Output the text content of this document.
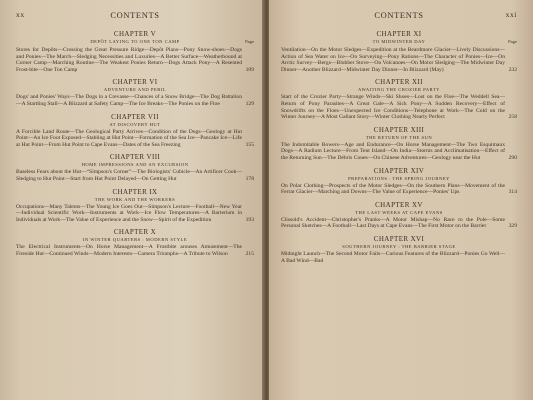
xx	CONTENTS
CHAPTER V
DEPÔT LAYING TO ONE TON CAMP	Page
Stores for Depôts—Crossing the Great Pressure Ridge—Depôt Plans—Pony Snow-shoes—Dogs and Ponies—The March—Sledging Necessities and Luxuries—A Better Surface—Weatherbound at Corner Camp—Marching Routine—The Weakest Ponies Return—Dogs Attack Pony—A Resented Frost-bite—One Ton Camp	109
CHAPTER VI
ADVENTURE AND PERIL
Dogs' and Ponies' Ways—The Dogs in a Crevasse—Chances of a Snow Bridge—The Dog Battalion—A Startling Stall—A Blizzard at Safety Camp—The Ice Breaks—The Ponies on the Floe	129
CHAPTER VII
AT DISCOVERY HUT
A Forcible Land Route—The Geological Party Arrives—Condition of the Dogs—Geology at Hut Point—An Ice Foot Exposed—Stabling at Hut Point—Formation of the Sea Ice—Pancake Ice—Life at Hut Point—From Hut Point to Cape Evans—Dates of the Sea Freezing	155
CHAPTER VIII
HOME IMPRESSIONS AND AN EXCURSION
Baseless Fears about the Hut—“Simpson's Corner”—The Biologists' Cubicle—An Artificer Cook—Sledging to Hut Point—Start from Hut Point Delayed—On Getting Hut	178
CHAPTER IX
THE WORK AND THE WORKERS
Occupations—Many Talents—The Young Ice Goes Out—Simpson's Lecture—Football—New Year—Individual Scientific Work—Instruments at Work—Ice Flow Temperatures—A Barterium in Individuals at Work—The Value of Experience and the Snow—Spirit of the Expedition	193
CHAPTER X
IN WINTER QUARTERS : MODERN STYLE
The Electrical Instruments—On Horse Management—A Frostbite arouses Amusement—The Fireside Hut—Continued Winds—Modern Interests—Camera Triumphs—A Tribute to Wilson	215
CONTENTS	xxi
CHAPTER XI
TO MIDWINTER DAY	Page
Ventilation—On the Motor Sledges—Expedition at the Beardmore Glacier—Lively Discussions—Action of Sea Water on Ice—On Surveying—Pony Rations—The Character of Ponies—Ice—On Arctic Survey—Bergs—Blubber Stove—On Volcanoes—On Motor Sledging—The Midwinter Day Dinner—Another Blizzard—Midwinter Day Dinner—In Blizzard (May)	232
CHAPTER XII
AWAITING THE CROZIER PARTY
Start of the Crozier Party—Strange Winds—Ski Shoes—Lost on the Floe—The Weddell Sea—Return of Pony Parasites—A Great Gale—A Sick Pony—A Sudden Recovery—Effect of Snowdrifts on the Floes—Unexpected Ice Conditions—Telephone at Work—The Cold on the Winter Journey—A Most Gallant Story—Winter Clothing Nearly Perfect	258
CHAPTER XIII
THE RETURN OF THE SUN
The Indomitable Bowers—Age and Endurance—On Horse Management—The Two Esquimaux Dogs—A Radium Lecture—From Tent Island—On India—Storms and Acclimatisation—Effect of the Returning Sun—The Débris Cones—On Chinese Adventures—Geology near the Hut	290
CHAPTER XIV
PREPARATIONS : THE SPRING JOURNEY
On Polar Clothing—Prospects of the Motor Sledges—On the Southern Plans—Movement of the Ferrar Glacier—Marching and Downs—The Value of Experience—Ponies' Ups	314
CHAPTER XV
THE LAST WEEKS AT CAPE EVANS
Clissold's Accident—Christopher's Pranks—A Motor Mishap—No Race to the Pole—Some Personal Sketches—A Football—Last Days at Cape Evans—The First Motor on the Barrier	329
CHAPTER XVI
SOUTHERN JOURNEY : THE BARRIER STAGE
Midnight Launch—The Second Motor Fails—Curious Features of the Blizzard—Ponies Go Well—A Bad Wind—Bad
